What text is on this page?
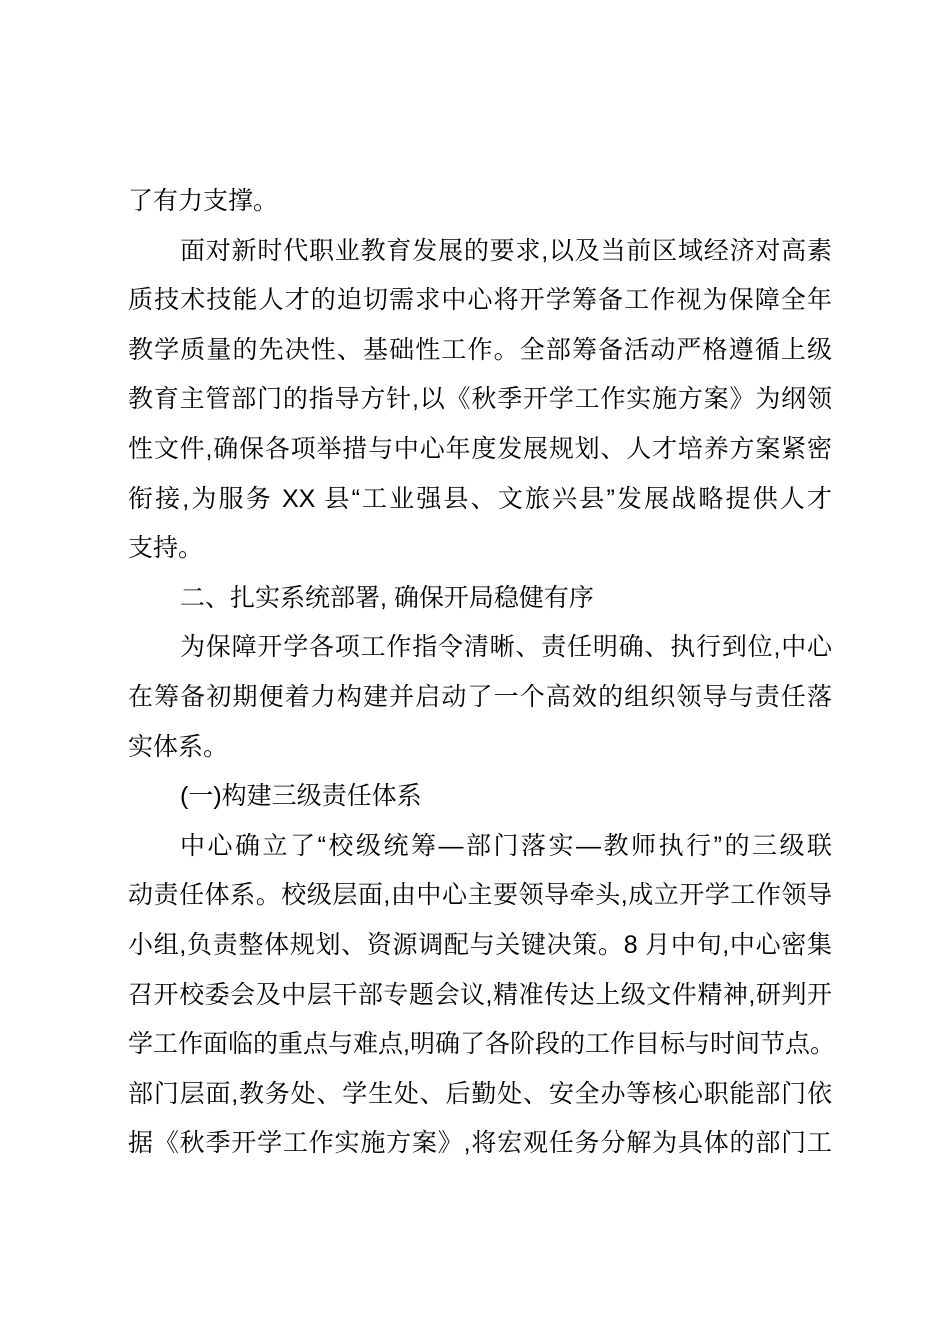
了有力支撑。
面对新时代职业教育发展的要求,以及当前区域经济对高素
质技术技能人才的迫切需求中心将开学筹备工作视为保障全年
教学质量的先决性、基础性工作。全部筹备活动严格遵循上级
教育主管部门的指导方针,以《秋季开学工作实施方案》为纲领
性文件,确保各项举措与中心年度发展规划、人才培养方案紧密
衔接,为服务 XX 县“工业强县、文旅兴县”发展战略提供人才
支持。
二、扎实系统部署, 确保开局稳健有序
为保障开学各项工作指令清晰、责任明确、执行到位,中心
在筹备初期便着力构建并启动了一个高效的组织领导与责任落
实体系。
(一)构建三级责任体系
中心确立了“校级统筹—部门落实—教师执行”的三级联
动责任体系。校级层面,由中心主要领导牵头,成立开学工作领导
小组,负责整体规划、资源调配与关键决策。8 月中旬,中心密集
召开校委会及中层干部专题会议,精准传达上级文件精神,研判开
学工作面临的重点与难点,明确了各阶段的工作目标与时间节点。
部门层面,教务处、学生处、后勤处、安全办等核心职能部门依
据《秋季开学工作实施方案》,将宏观任务分解为具体的部门工
